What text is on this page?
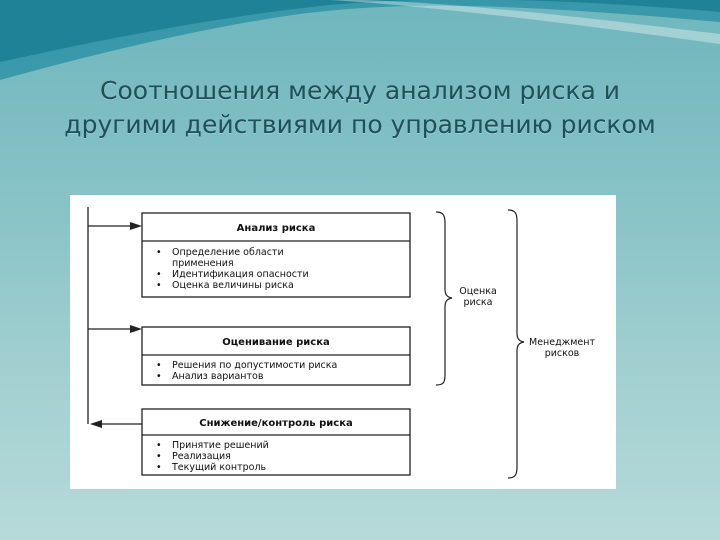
Соотношения между анализом риска и
другими действиями по управлению риском
Анализ риска
• Определение области
применения
• Идентификация опасности
• Оценка величины риска
Оценивание риска
• Решения по допустимости риска
• Анализ вариантов
Снижение/контроль риска
• Принятие решений
• Реализация
• Текущий контроль
Оценка
риска
Менеджмент
рисков
